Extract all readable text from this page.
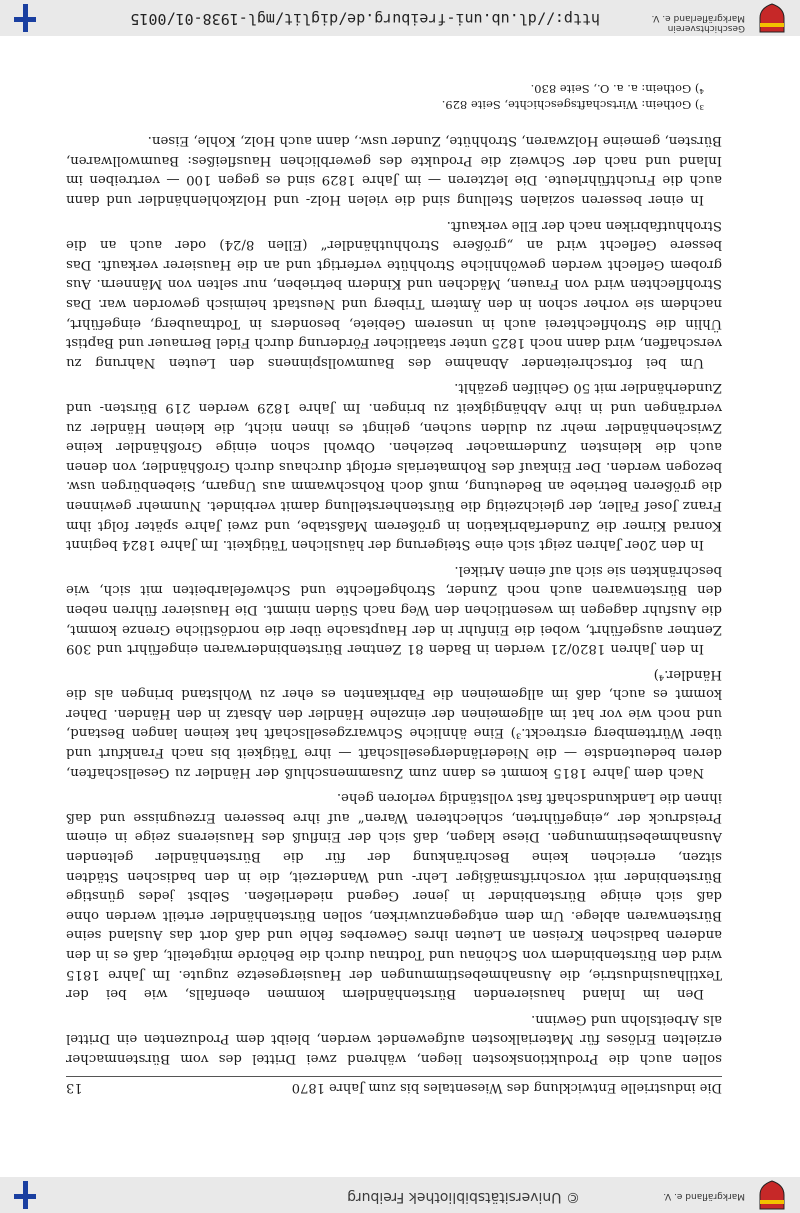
Markgräfland e. V.
© Universitätsbibliothek Freiburg
Die industrielle Entwicklung des Wiesentales bis zum Jahre 1870
13

sollen auch die Produktionskosten liegen, während zwei Drittel des vom Bürstenmacher erzielten Erlöses für Materialkosten aufgewendet werden, bleibt dem Produzenten ein Drittel als Arbeitslohn und Gewinn.

Den im Inland hausierenden Bürstenhändlern kommen ebenfalls, wie bei der Textilhausindustrie, die Ausnahmebestimmungen der Hausiergesetze zugute. Im Jahre 1815 wird den Bürstenbindern von Schönau und Todtnau durch die Behörde mitgeteilt, daß es in den anderen badischen Kreisen an Leuten ihres Gewerbes fehle und daß dort das Ausland seine Bürstenwaren ablege. Um dem entgegenzuwirken, sollen Bürstenhändler erteilt werden ohne daß sich einige Bürstenbinder in jener Gegend niederließen. Selbst jedes günstige Bürstenbinder mit vorschriftsmäßiger Lehr- und Wanderzeit, die in den badischen Städten sitzen, erreichen keine Beschränkung der für die Bürstenhändler geltenden Ausnahmebestimmungen. Diese klagen, daß sich der Einfluß des Hausierens zeige in einem Preisdruck der „eingeführten, schlechteren Waren“ auf ihre besseren Erzeugnisse und daß ihnen die Landkundschaft fast vollständig verloren gehe.

Nach dem Jahre 1815 kommt es dann zum Zusammenschluß der Händler zu Gesellschaften, deren bedeutendste — die Niederländergesellschaft — ihre Tätigkeit bis nach Frankfurt und über Württemberg erstreckt.³) Eine ähnliche Schwarzgesellschaft hat keinen langen Bestand, und noch wie vor hat im allgemeinen der einzelne Händler den Absatz in den Händen. Daher kommt es auch, daß im allgemeinen die Fabrikanten es eher zu Wohlstand bringen als die Händler.⁴)

In den Jahren 1820/21 werden in Baden 81 Zentner Bürstenbinderwaren eingeführt und 309 Zentner ausgeführt, wobei die Einfuhr in der Hauptsache über die nordöstliche Grenze kommt, die Ausfuhr dagegen im wesentlichen den Weg nach Süden nimmt. Die Hausierer führen neben den Bürstenwaren auch noch Zunder, Strohgeflechte und Schwefelarbeiten mit sich, wie beschränkten sie sich auf einen Artikel.

In den 20er Jahren zeigt sich eine Steigerung der häuslichen Tätigkeit. Im Jahre 1824 beginnt Konrad Kirner die Zunderfabrikation in größerem Maßstabe, und zwei Jahre später folgt ihm Franz Josef Faller, der gleichzeitig die Bürstenherstellung damit verbindet. Nunmehr gewinnen die größeren Betriebe an Bedeutung, muß doch Rohschwamm aus Ungarn, Siebenbürgen usw. bezogen werden. Der Einkauf des Rohmaterials erfolgt durchaus durch Großhändler, von denen auch die kleinsten Zundermacher beziehen. Obwohl schon einige Großhändler keine Zwischenhändler mehr zu dulden suchen, gelingt es ihnen nicht, die kleinen Händler zu verdrängen und in ihre Abhängigkeit zu bringen. Im Jahre 1829 werden 219 Bürsten- und Zunderhändler mit 50 Gehilfen gezählt.

Um bei fortschreitender Abnahme des Baumwollspinnens den Leuten Nahrung zu verschaffen, wird dann noch 1825 unter staatlicher Förderung durch Fidel Bernauer und Baptist Ühlin die Strohflechterei auch in unserem Gebiete, besonders in Todtnauberg, eingeführt, nachdem sie vorher schon in den Ämtern Triberg und Neustadt heimisch geworden war. Das Strohflechten wird von Frauen, Mädchen und Kindern betrieben, nur selten von Männern. Aus grobem Geflecht werden gewöhnliche Strohhüte verfertigt und an die Hausierer verkauft. Das bessere Geflecht wird an „größere Strohhuthändler“ (Ellen 8/24) oder auch an die Strohhutfabriken nach der Elle verkauft.

In einer besseren sozialen Stellung sind die vielen Holz- und Holzkohlenhändler und dann auch die Fruchtführleute. Die letzteren — im Jahre 1829 sind es gegen 100 — vertreiben im Inland und nach der Schweiz die Produkte des gewerblichen Hausfleißes: Baumwollwaren, Bürsten, gemeine Holzwaren, Strohhüte, Zunder usw., dann auch Holz, Kohle, Eisen.

³) Gothein: Wirtschaftsgeschichte, Seite 829.

⁴) Gothein: a. a. O., Seite 830.

Geschichtsverein
Markgräflerland e. V.
http://dl.ub.uni-freiburg.de/diglit/mgl-1938-01/0015
